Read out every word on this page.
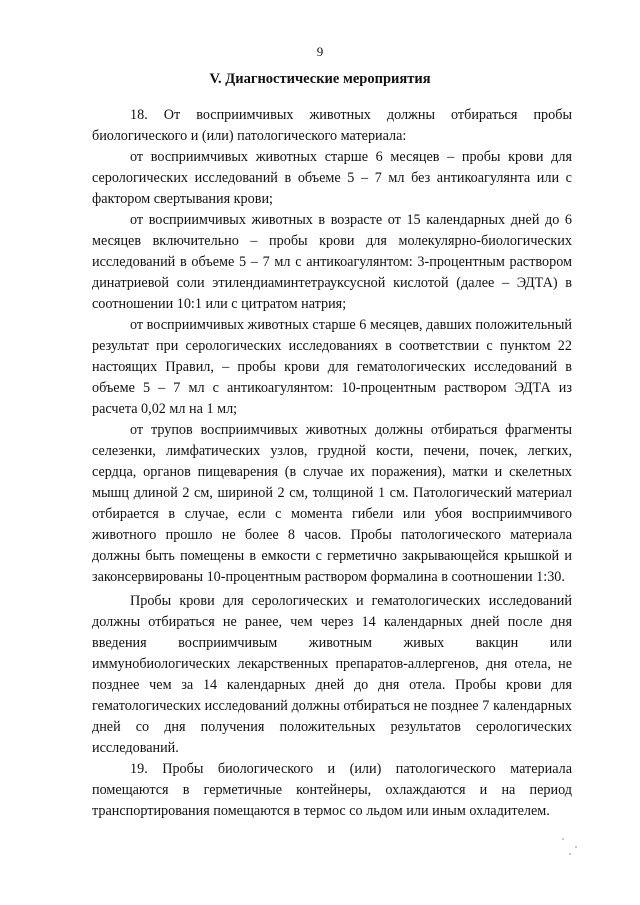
9
V. Диагностические мероприятия

18. От восприимчивых животных должны отбираться пробы биологического и (или) патологического материала:

от восприимчивых животных старше 6 месяцев – пробы крови для серологических исследований в объеме 5 – 7 мл без антикоагулянта или с фактором свертывания крови;

от восприимчивых животных в возрасте от 15 календарных дней до 6 месяцев включительно – пробы крови для молекулярно-биологических исследований в объеме 5 – 7 мл с антикоагулянтом: 3-процентным раствором динатриевой соли этилендиаминтетрауксусной кислотой (далее – ЭДТА) в соотношении 10:1 или с цитратом натрия;

от восприимчивых животных старше 6 месяцев, давших положительный результат при серологических исследованиях в соответствии с пунктом 22 настоящих Правил, – пробы крови для гематологических исследований в объеме 5 – 7 мл с антикоагулянтом: 10-процентным раствором ЭДТА из расчета 0,02 мл на 1 мл;

от трупов восприимчивых животных должны отбираться фрагменты селезенки, лимфатических узлов, грудной кости, печени, почек, легких, сердца, органов пищеварения (в случае их поражения), матки и скелетных мышц длиной 2 см, шириной 2 см, толщиной 1 см. Патологический материал отбирается в случае, если с момента гибели или убоя восприимчивого животного прошло не более 8 часов. Пробы патологического материала должны быть помещены в емкости с герметично закрывающейся крышкой и законсервированы 10-процентным раствором формалина в соотношении 1:30.

Пробы крови для серологических и гематологических исследований должны отбираться не ранее, чем через 14 календарных дней после дня введения восприимчивым животным живых вакцин или иммунобиологических лекарственных препаратов-аллергенов, дня отела, не позднее чем за 14 календарных дней до дня отела. Пробы крови для гематологических исследований должны отбираться не позднее 7 календарных дней со дня получения положительных результатов серологических исследований.

19. Пробы биологического и (или) патологического материала помещаются в герметичные контейнеры, охлаждаются и на период транспортирования помещаются в термос со льдом или иным охладителем.
